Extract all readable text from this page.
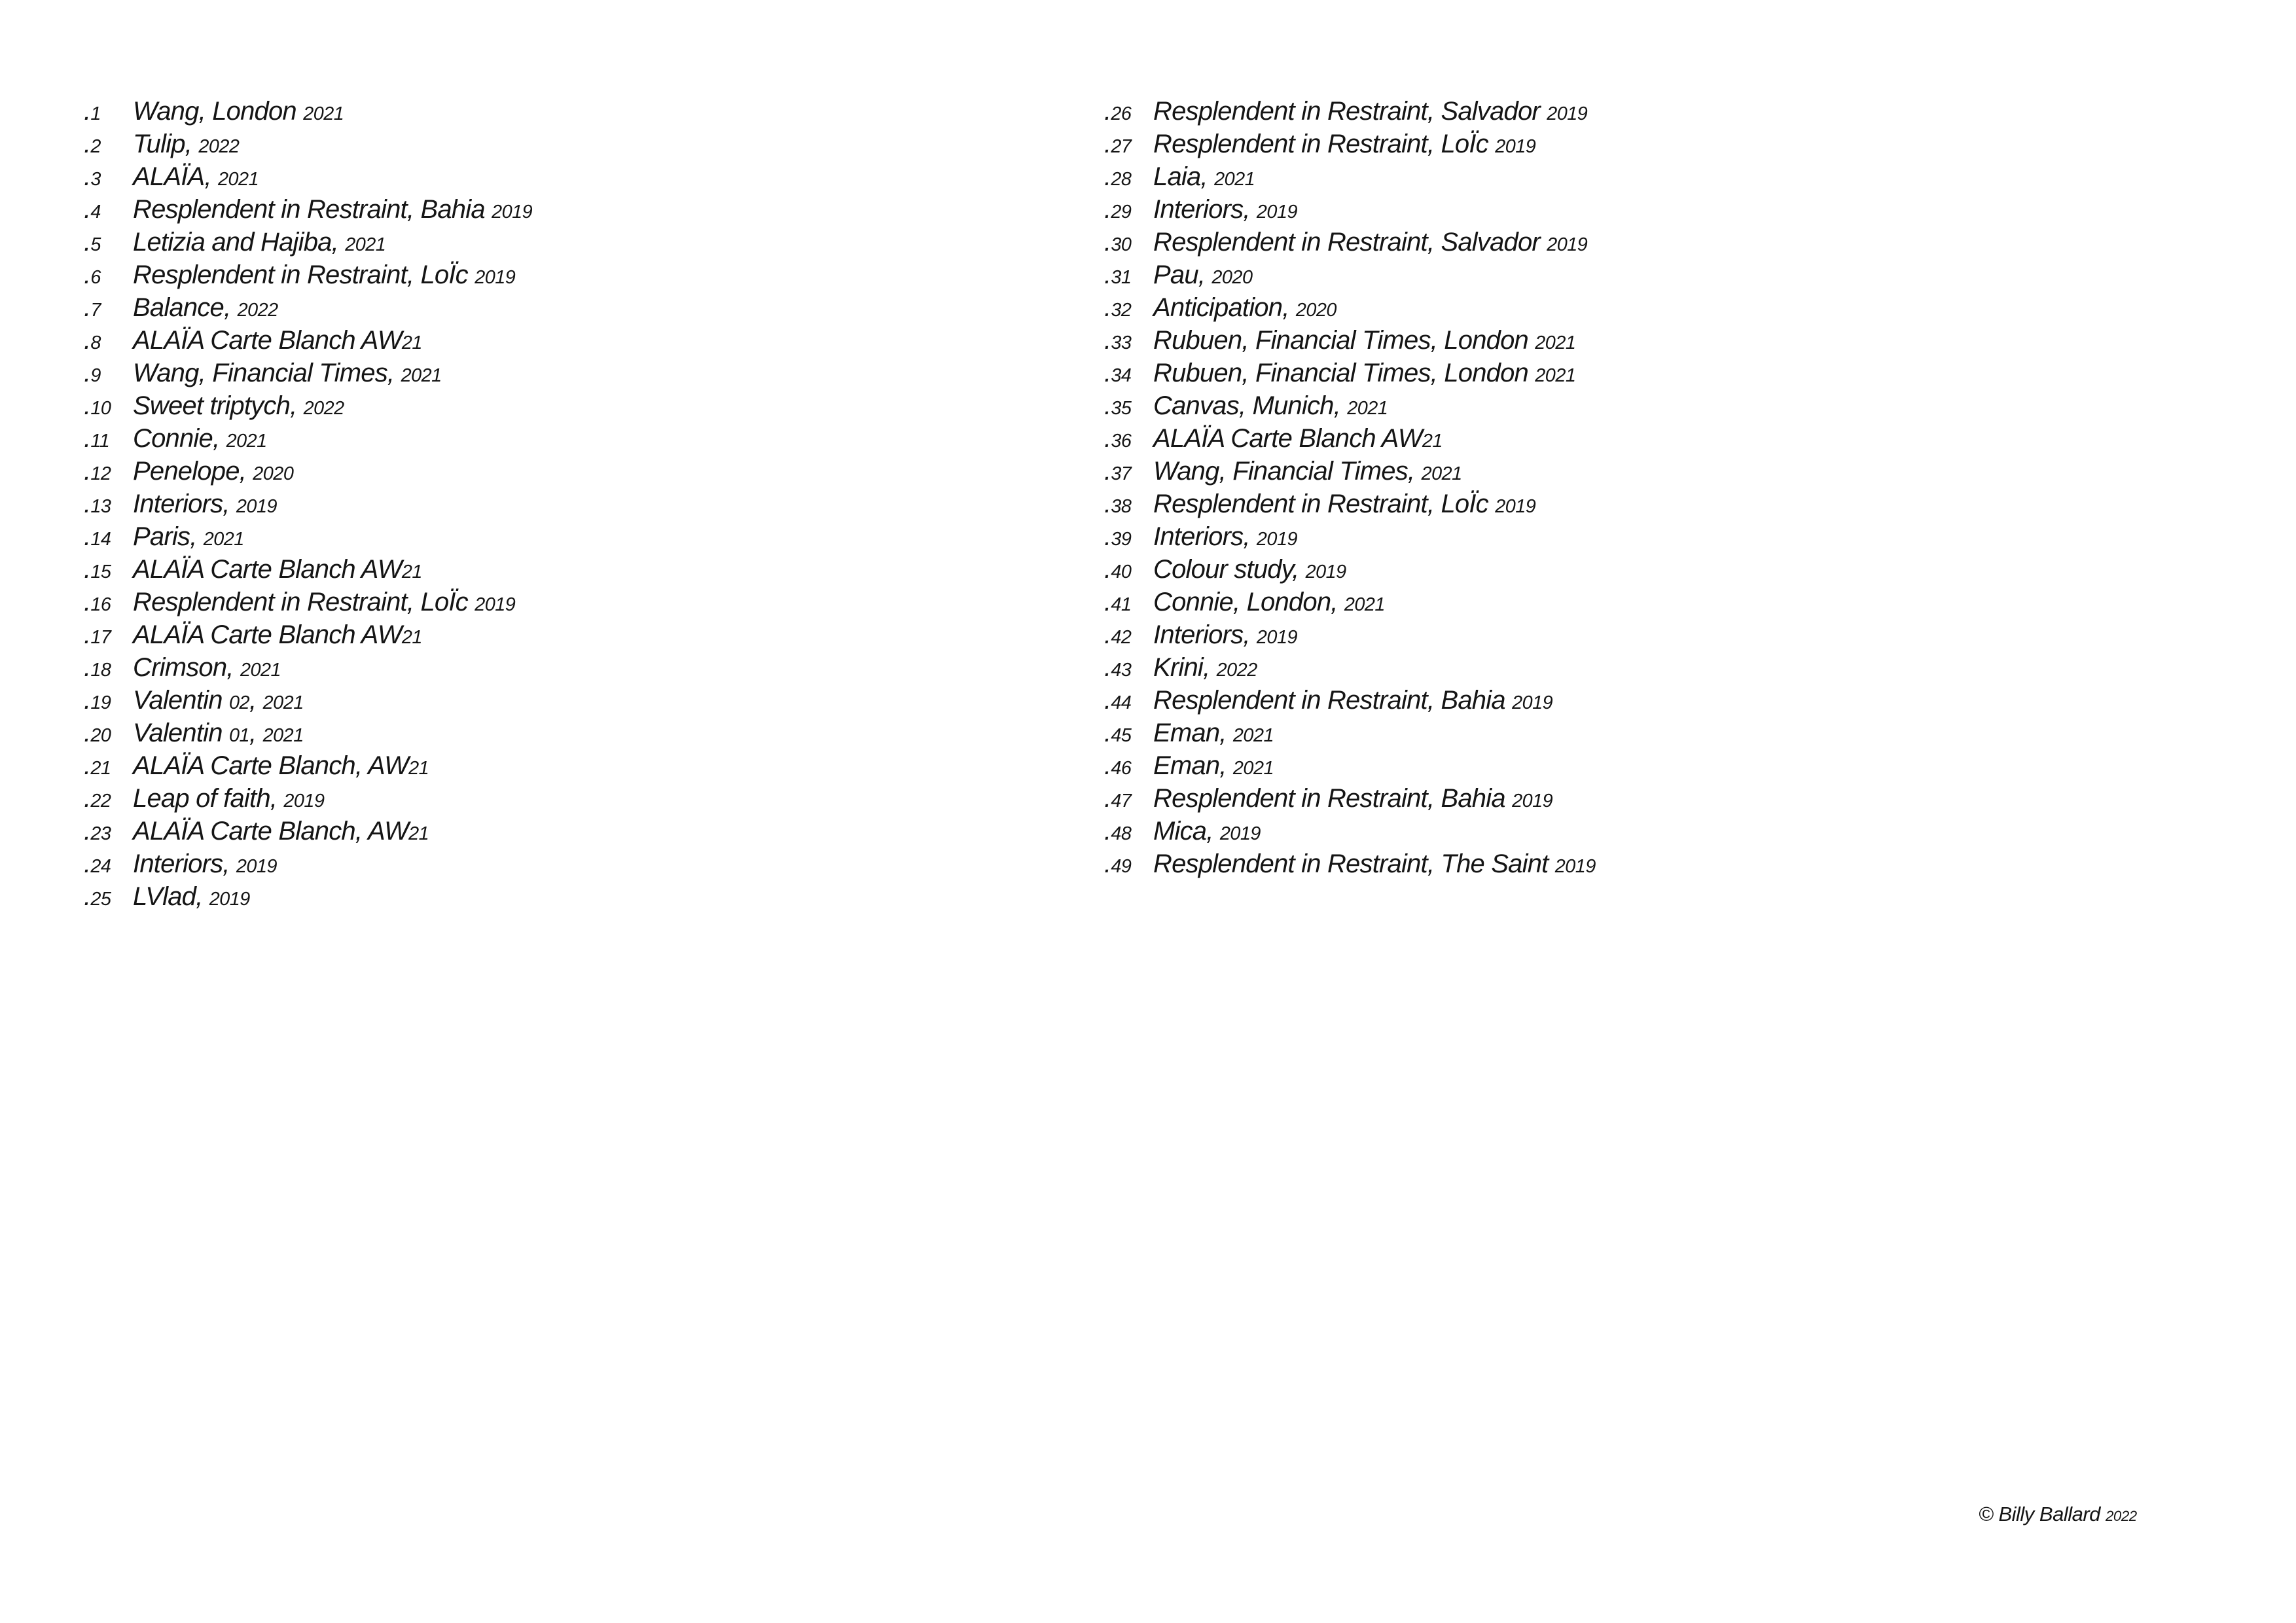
.1	Wang, London 2021
.2	Tulip, 2022
.3	ALAÏA, 2021
.4	Resplendent in Restraint, Bahia 2019
.5	Letizia and Hajiba, 2021
.6	Resplendent in Restraint, LoÏc 2019
.7	Balance, 2022
.8	ALAÏA Carte Blanch AW21
.9	Wang, Financial Times, 2021
.10 Sweet triptych, 2022
.11 Connie, 2021
.12 Penelope, 2020
.13 Interiors, 2019
.14 Paris, 2021
.15 ALAÏA Carte Blanch AW21
.16 Resplendent in Restraint, LoÏc 2019
.17 ALAÏA Carte Blanch AW21
.18 Crimson, 2021
.19 Valentin 02, 2021
.20 Valentin 01, 2021
.21 ALAÏA Carte Blanch, AW21
.22 Leap of faith, 2019
.23 ALAÏA Carte Blanch, AW21
.24 Interiors, 2019
.25 LVlad, 2019
.26 Resplendent in Restraint, Salvador 2019
.27 Resplendent in Restraint, LoÏc 2019
.28 Laia, 2021
.29 Interiors, 2019
.30 Resplendent in Restraint, Salvador 2019
.31 Pau, 2020
.32 Anticipation, 2020
.33 Rubuen, Financial Times, London 2021
.34 Rubuen, Financial Times, London 2021
.35 Canvas, Munich, 2021
.36 ALAÏA Carte Blanch AW21
.37 Wang, Financial Times, 2021
.38 Resplendent in Restraint, LoÏc 2019
.39 Interiors, 2019
.40 Colour study, 2019
.41 Connie, London, 2021
.42 Interiors, 2019
.43 Krini, 2022
.44 Resplendent in Restraint, Bahia 2019
.45 Eman, 2021
.46 Eman, 2021
.47 Resplendent in Restraint, Bahia 2019
.48 Mica, 2019
.49 Resplendent in Restraint, The Saint 2019
© Billy Ballard 2022
